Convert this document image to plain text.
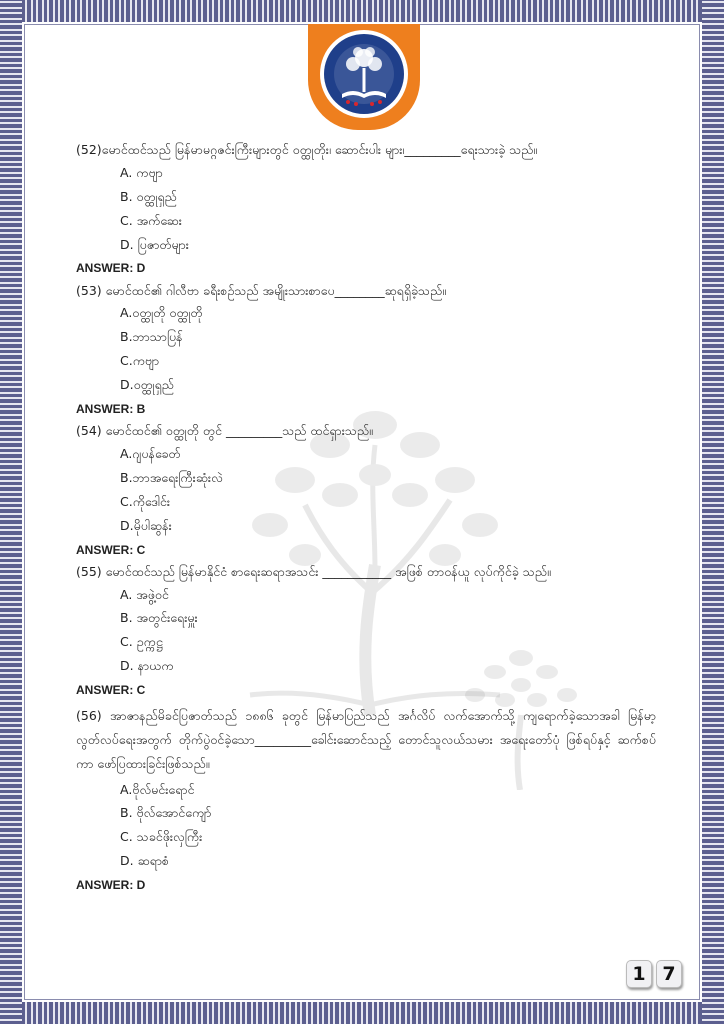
(52)မောင်ထင်သည် မြန်မာမဂ္ဂဇင်းကြီးများတွင် ဝတ္ထုတိုး၊ ဆောင်းပါး များ၊_________ရေးသားခဲ့ သည်။

A. ကဗျာ

B. ဝတ္ထုရှည်

C. အက်ဆေး

D. ပြဇာတ်များ

ANSWER: D

(53) မောင်ထင်၏ ဂါလီဗာ ခရီးစဉ်သည် အမျိုးသားစာပေ________ဆုရရှိခဲ့သည်။

A.ဝတ္ထုတို ဝတ္ထုတို

B.ဘာသာပြန်

C.ကဗျာ

D.ဝတ္ထုရှည်

ANSWER: B

(54) မောင်ထင်၏ ဝတ္ထုတို တွင် _________သည် ထင်ရှားသည်။

A.ဂျပန်ခေတ်

B.ဘာအရေးကြီးဆုံးလဲ

C.ကိုဒေါင်း

D.မိုပါဆွန်း

ANSWER: C

(55) မောင်ထင်သည် မြန်မာနိုင်ငံ စာရေးဆရာအသင်း ___________ အဖြစ် တာဝန်ယူ လုပ်ကိုင်ခဲ့ သည်။

A. အဖွဲ့ဝင်

B. အတွင်းရေးမှူး

C. ဥက္ကဋ္ဌ

D. နာယက

ANSWER: C

(56) အာဇာနည်မိခင်ပြဇာတ်သည် ၁၈၈၆ ခုတွင် မြန်မာပြည်သည် အင်္ဂလိပ် လက်အောက်သို့ ကျရောက်ခဲ့သောအခါ မြန်မာ့လွတ်လပ်ရေးအတွက် တိုက်ပွဲဝင်ခဲ့သော_________ခေါင်းဆောင်သည့် တောင်သူလယ်သမား အရေးတော်ပုံ ဖြစ်ရပ်နှင့် ဆက်စပ်ကာ ဖော်ပြထားခြင်းဖြစ်သည်။

A.ဗိုလ်မင်းရောင်

B. ဗိုလ်အောင်ကျော်

C. သခင်ဖိုးလှကြီး

D. ဆရာစံ

ANSWER: D

1 7
